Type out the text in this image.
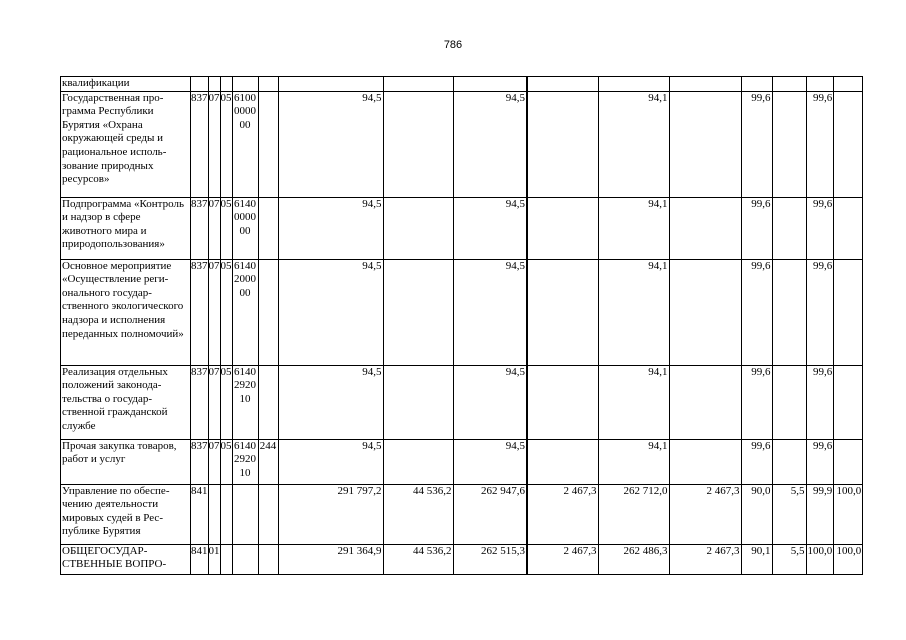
786
квалификации															
Государственная программа Республики Бурятия «Охрана окружающей среды и рациональное использование природных ресурсов»	837	07	05	6100000000		94,5		94,5		94,1		99,6		99,6	
Подпрограмма «Контроль и надзор в сфере животного мира и природопользования»	837	07	05	6140000000		94,5		94,5		94,1		99,6		99,6	
Основное мероприятие «Осуществление регионального государственного экологического надзора и исполнения переданных полномочий»	837	07	05	6140200000		94,5		94,5		94,1		99,6		99,6	
Реализация отдельных положений законодательства о государственной гражданской службе	837	07	05	6140292010		94,5		94,5		94,1		99,6		99,6	
Прочая закупка товаров, работ и услуг	837	07	05	6140292010	244	94,5		94,5		94,1		99,6		99,6	
Управление по обеспечению деятельности мировых судей в Республике Бурятия	841					291 797,2	44 536,2	262 947,6	2 467,3	262 712,0	2 467,3	90,0	5,5	99,9	100,0
ОБЩЕГОСУДАРСТВЕННЫЕ ВОПРО-	841	01				291 364,9	44 536,2	262 515,3	2 467,3	262 486,3	2 467,3	90,1	5,5	100,0	100,0
